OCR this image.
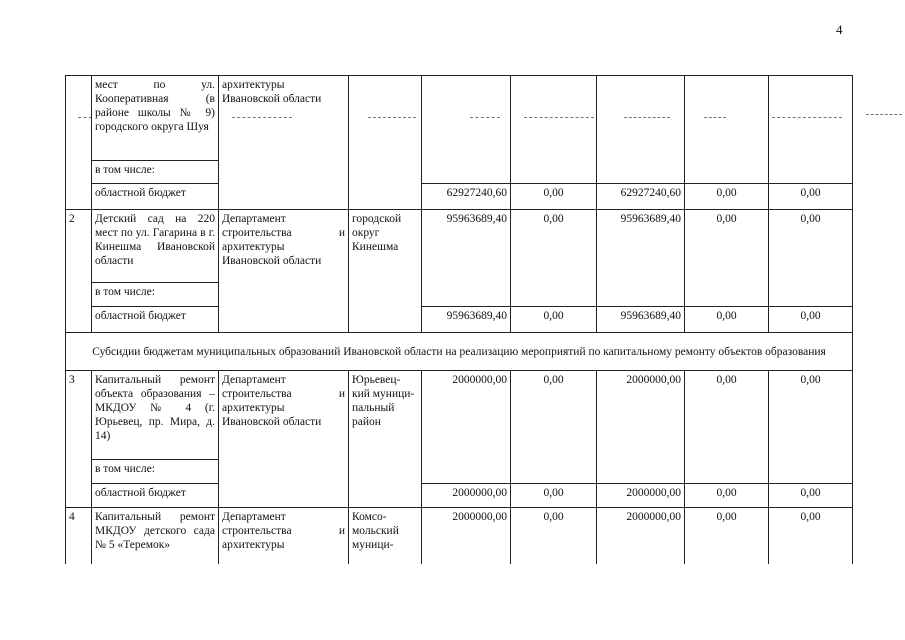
4
	мест по ул. Кооперативная (в районе школы № 9) городского округа Шуя	архитектуры Ивановской области						
	в том числе:							
	областной бюджет			62927240,60	0,00	62927240,60	0,00	0,00
2	Детский сад на 220 мест по ул. Гагарина в г. Кинешма Ивановской области	Департамент строительства и архитектуры Ивановской области	городской округ Кинешма	95963689,40	0,00	95963689,40	0,00	0,00
	в том числе:							
	областной бюджет			95963689,40	0,00	95963689,40	0,00	0,00
Субсидии бюджетам муниципальных образований Ивановской области на реализацию мероприятий по капитальному ремонту объектов образования								
3	Капитальный ремонт объекта образования – МКДОУ № 4 (г. Юрьевец, пр. Мира, д. 14)	Департамент строительства и архитектуры Ивановской области	Юрьевец-кий муници-пальный район	2000000,00	0,00	2000000,00	0,00	0,00
	в том числе:							
	областной бюджет			2000000,00	0,00	2000000,00	0,00	0,00
4	Капитальный ремонт МКДОУ детского сада № 5 «Теремок»	Департамент строительства и архитектуры	Комсо-мольский муници-	2000000,00	0,00	2000000,00	0,00	0,00
